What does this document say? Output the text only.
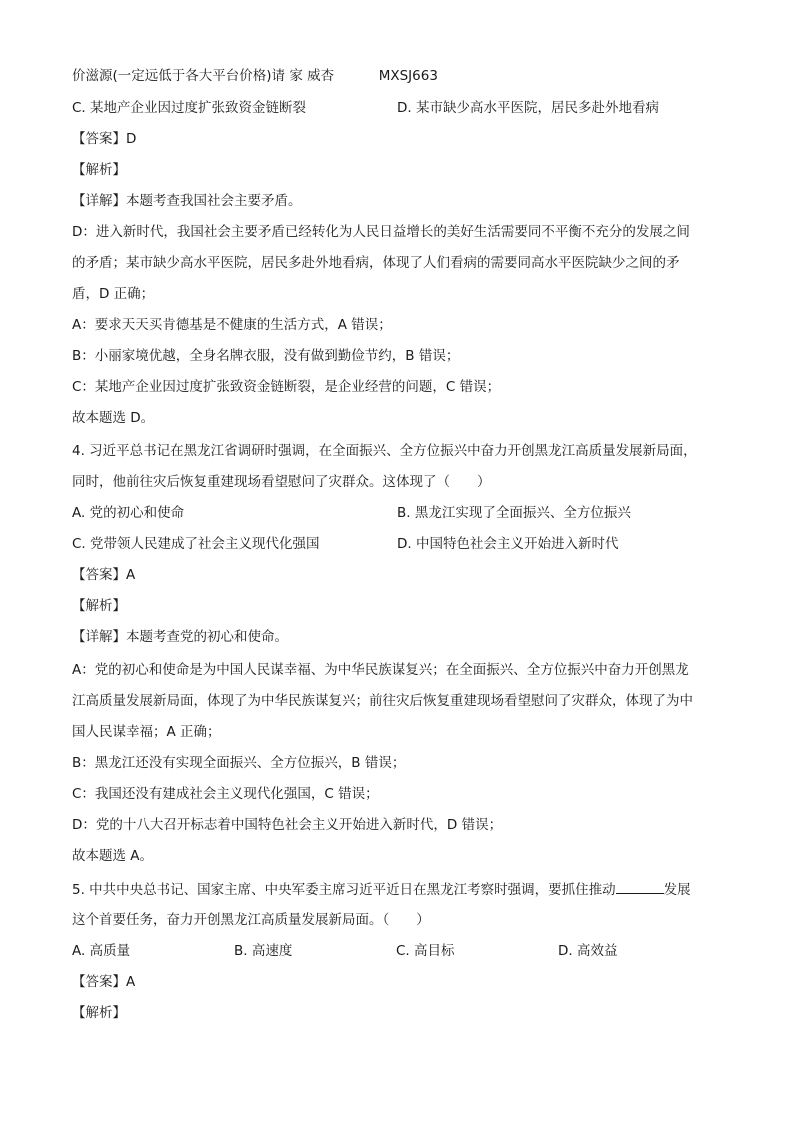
价滋源(一定远低于各大平台价格)请 家 威杏	MXSJ663
C. 某地产企业因过度扩张致资金链断裂	D. 某市缺少高水平医院，居民多赴外地看病
【答案】D
【解析】
【详解】本题考查我国社会主要矛盾。
D：进入新时代，我国社会主要矛盾已经转化为人民日益增长的美好生活需要同不平衡不充分的发展之间
的矛盾；某市缺少高水平医院，居民多赴外地看病，体现了人们看病的需要同高水平医院缺少之间的矛
盾，D 正确；
A：要求天天买肯德基是不健康的生活方式，A 错误；
B：小丽家境优越，全身名牌衣服，没有做到勤俭节约，B 错误；
C：某地产企业因过度扩张致资金链断裂，是企业经营的问题，C 错误；
故本题选 D。
4. 习近平总书记在黑龙江省调研时强调，在全面振兴、全方位振兴中奋力开创黑龙江高质量发展新局面，
同时，他前往灾后恢复重建现场看望慰问了灾群众。这体现了（　　）
A. 党的初心和使命	B. 黑龙江实现了全面振兴、全方位振兴
C. 党带领人民建成了社会主义现代化强国	D. 中国特色社会主义开始进入新时代
【答案】A
【解析】
【详解】本题考查党的初心和使命。
A：党的初心和使命是为中国人民谋幸福、为中华民族谋复兴；在全面振兴、全方位振兴中奋力开创黑龙
江高质量发展新局面，体现了为中华民族谋复兴；前往灾后恢复重建现场看望慰问了灾群众，体现了为中
国人民谋幸福；A 正确；
B：黑龙江还没有实现全面振兴、全方位振兴，B 错误；
C：我国还没有建成社会主义现代化强国，C 错误；
D：党的十八大召开标志着中国特色社会主义开始进入新时代，D 错误；
故本题选 A。
5. 中共中央总书记、国家主席、中央军委主席习近平近日在黑龙江考察时强调，要抓住推动	发展
这个首要任务，奋力开创黑龙江高质量发展新局面。（　　）
A. 高质量	B. 高速度	C. 高目标	D. 高效益
【答案】A
【解析】
